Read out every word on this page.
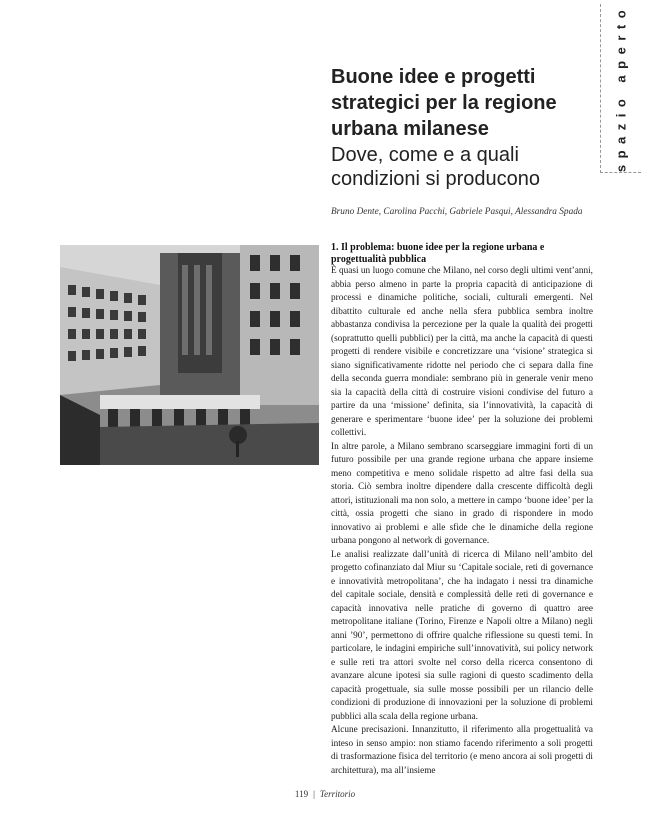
spazio aperto
Buone idee e progetti strategici per la regione urbana milanese
Dove, come e a quali condizioni si producono
Bruno Dente, Carolina Pacchi, Gabriele Pasqui, Alessandra Spada
1. Il problema: buone idee per la regione urbana e progettualità pubblica

È quasi un luogo comune che Milano, nel corso degli ultimi vent’anni, abbia perso almeno in parte la propria capacità di anticipazione di processi e dinamiche politiche, sociali, culturali emergenti. Nel dibattito culturale ed anche nella sfera pubblica sembra inoltre abbastanza condivisa la percezione per la quale la qualità dei progetti (soprattutto quelli pubblici) per la città, ma anche la capacità di questi progetti di rendere visibile e concretizzare una ‘visione’ strategica si siano significativamente ridotte nel periodo che ci separa dalla fine della seconda guerra mondiale: sembrano più in generale venir meno sia la capacità della città di costruire visioni condivise del futuro a partire da una ‘missione’ definita, sia l’innovatività, la capacità di generare e sperimentare ‘buone idee’ per la soluzione dei problemi collettivi.

In altre parole, a Milano sembrano scarseggiare immagini forti di un futuro possibile per una grande regione urbana che appare insieme meno competitiva e meno solidale rispetto ad altre fasi della sua storia. Ciò sembra inoltre dipendere dalla crescente difficoltà degli attori, istituzionali ma non solo, a mettere in campo ‘buone idee’ per la città, ossia progetti che siano in grado di rispondere in modo innovativo ai problemi e alle sfide che le dinamiche della regione urbana pongono al network di governance.

Le analisi realizzate dall’unità di ricerca di Milano nell’ambito del progetto cofinanziato dal Miur su ‘Capitale sociale, reti di governance e innovatività metropolitana’, che ha indagato i nessi tra dinamiche del capitale sociale, densità e complessità delle reti di governance e capacità innovativa nelle pratiche di governo di quattro aree metropolitane italiane (Torino, Firenze e Napoli oltre a Milano) negli anni ’90’, permettono di offrire qualche riflessione su questi temi. In particolare, le indagini empiriche sull’innovatività, sui policy network e sulle reti tra attori svolte nel corso della ricerca consentono di avanzare alcune ipotesi sia sulle ragioni di questo scadimento della capacità progettuale, sia sulle mosse possibili per un rilancio delle condizioni di produzione di innovazioni per la soluzione di problemi pubblici alla scala della regione urbana.

Alcune precisazioni. Innanzitutto, il riferimento alla progettualità va inteso in senso ampio: non stiamo facendo riferimento a soli progetti di trasformazione fisica del territorio (e meno ancora ai soli progetti di architettura), ma all’insieme

119 | Territorio
